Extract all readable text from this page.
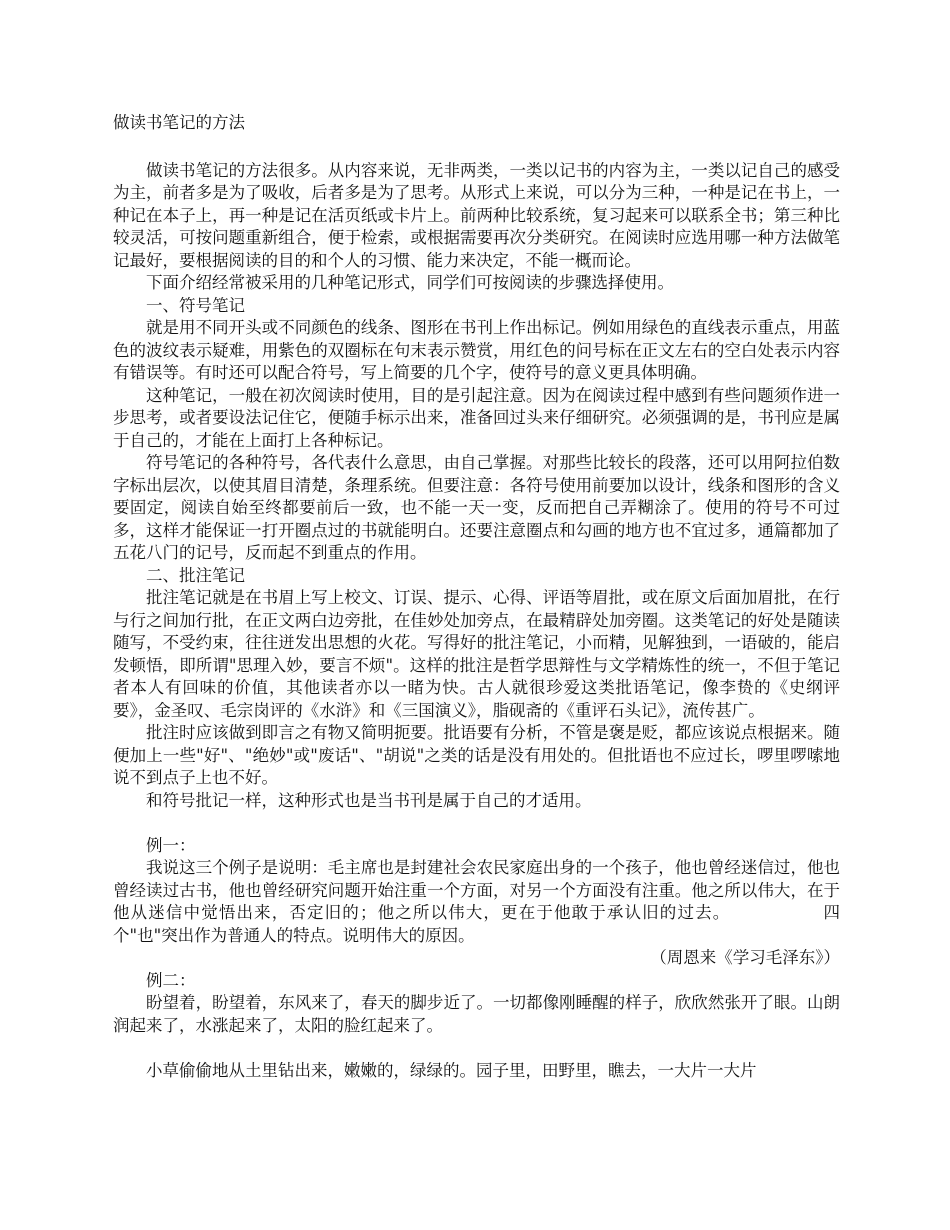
做读书笔记的方法

做读书笔记的方法很多。从内容来说，无非两类，一类以记书的内容为主，一类以记自己的感受为主，前者多是为了吸收，后者多是为了思考。从形式上来说，可以分为三种，一种是记在书上，一种记在本子上，再一种是记在活页纸或卡片上。前两种比较系统，复习起来可以联系全书；第三种比较灵活，可按问题重新组合，便于检索，或根据需要再次分类研究。在阅读时应选用哪一种方法做笔记最好，要根据阅读的目的和个人的习惯、能力来决定，不能一概而论。

下面介绍经常被采用的几种笔记形式，同学们可按阅读的步骤选择使用。

一、符号笔记

就是用不同开头或不同颜色的线条、图形在书刊上作出标记。例如用绿色的直线表示重点，用蓝色的波纹表示疑难，用紫色的双圈标在句末表示赞赏，用红色的问号标在正文左右的空白处表示内容有错误等。有时还可以配合符号，写上简要的几个字，使符号的意义更具体明确。

这种笔记，一般在初次阅读时使用，目的是引起注意。因为在阅读过程中感到有些问题须作进一步思考，或者要设法记住它，便随手标示出来，准备回过头来仔细研究。必须强调的是，书刊应是属于自己的，才能在上面打上各种标记。

符号笔记的各种符号，各代表什么意思，由自己掌握。对那些比较长的段落，还可以用阿拉伯数字标出层次，以使其眉目清楚，条理系统。但要注意：各符号使用前要加以设计，线条和图形的含义要固定，阅读自始至终都要前后一致，也不能一天一变，反而把自己弄糊涂了。使用的符号不可过多，这样才能保证一打开圈点过的书就能明白。还要注意圈点和勾画的地方也不宜过多，通篇都加了五花八门的记号，反而起不到重点的作用。

二、批注笔记

批注笔记就是在书眉上写上校文、订误、提示、心得、评语等眉批，或在原文后面加眉批，在行与行之间加行批，在正文两白边旁批，在佳妙处加旁点，在最精辟处加旁圈。这类笔记的好处是随读随写，不受约束，往往迸发出思想的火花。写得好的批注笔记，小而精，见解独到，一语破的，能启发顿悟，即所谓"思理入妙，要言不烦"。这样的批注是哲学思辩性与文学精炼性的统一，不但于笔记者本人有回味的价值，其他读者亦以一睹为快。古人就很珍爱这类批语笔记，像李贽的《史纲评要》，金圣叹、毛宗岗评的《水浒》和《三国演义》，脂砚斋的《重评石头记》，流传甚广。

批注时应该做到即言之有物又简明扼要。批语要有分析，不管是褒是贬，都应该说点根据来。随便加上一些"好"、"绝妙"或"废话"、"胡说"之类的话是没有用处的。但批语也不应过长，啰里啰嗦地说不到点子上也不好。

和符号批记一样，这种形式也是当书刊是属于自己的才适用。

例一：

我说这三个例子是说明：毛主席也是封建社会农民家庭出身的一个孩子，他也曾经迷信过，他也曾经读过古书，他也曾经研究问题开始注重一个方面，对另一个方面没有注重。他之所以伟大，在于他从迷信中觉悟出来，否定旧的；他之所以伟大，更在于他敢于承认旧的过去。	四个"也"突出作为普通人的特点。说明伟大的原因。

（周恩来《学习毛泽东》）

例二：

盼望着，盼望着，东风来了，春天的脚步近了。一切都像刚睡醒的样子，欣欣然张开了眼。山朗润起来了，水涨起来了，太阳的脸红起来了。

小草偷偷地从土里钻出来，嫩嫩的，绿绿的。园子里，田野里，瞧去，一大片一大片
